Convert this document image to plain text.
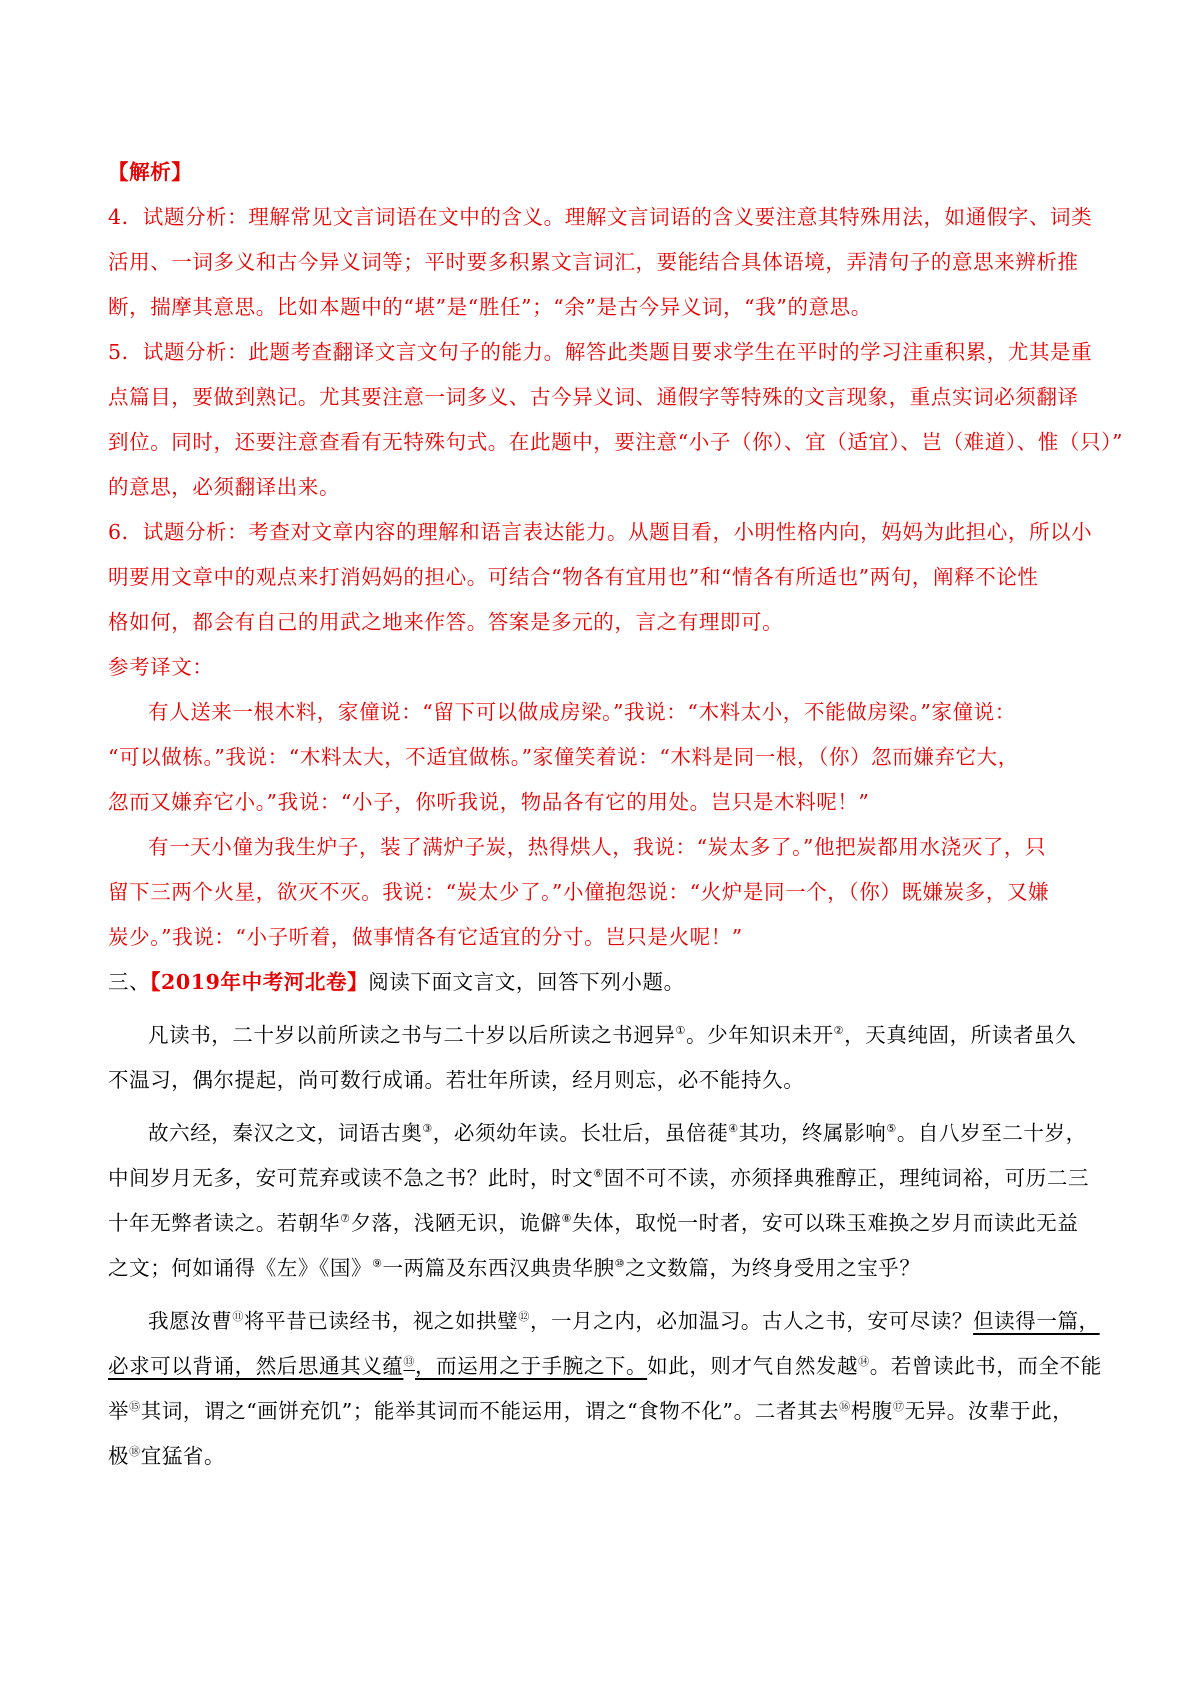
【解析】
4．试题分析：理解常见文言词语在文中的含义。理解文言词语的含义要注意其特殊用法，如通假字、词类
活用、一词多义和古今异义词等；平时要多积累文言词汇，要能结合具体语境，弄清句子的意思来辨析推
断，揣摩其意思。比如本题中的“堪”是“胜任”；“余”是古今异义词，“我”的意思。
5．试题分析：此题考查翻译文言文句子的能力。解答此类题目要求学生在平时的学习注重积累，尤其是重
点篇目，要做到熟记。尤其要注意一词多义、古今异义词、通假字等特殊的文言现象，重点实词必须翻译
到位。同时，还要注意查看有无特殊句式。在此题中，要注意“小子（你）、宜（适宜）、岂（难道）、惟（只）”
的意思，必须翻译出来。
6．试题分析：考查对文章内容的理解和语言表达能力。从题目看，小明性格内向，妈妈为此担心，所以小
明要用文章中的观点来打消妈妈的担心。可结合“物各有宜用也”和“情各有所适也”两句，阐释不论性
格如何，都会有自己的用武之地来作答。答案是多元的，言之有理即可。
参考译文：
有人送来一根木料，家僮说：“留下可以做成房梁。”我说：“木料太小，不能做房梁。”家僮说：
“可以做栋。”我说：“木料太大，不适宜做栋。”家僮笑着说：“木料是同一根，（你）忽而嫌弃它大，
忽而又嫌弃它小。”我说：“小子，你听我说，物品各有它的用处。岂只是木料呢！”
有一天小僮为我生炉子，装了满炉子炭，热得烘人，我说：“炭太多了。”他把炭都用水浇灭了，只
留下三两个火星，欲灭不灭。我说：“炭太少了。”小僮抱怨说：“火炉是同一个，（你）既嫌炭多，又嫌
炭少。”我说：“小子听着，做事情各有它适宜的分寸。岂只是火呢！”
三、【2019年中考河北卷】阅读下面文言文，回答下列小题。
凡读书，二十岁以前所读之书与二十岁以后所读之书迥异①。少年知识未开②，天真纯固，所读者虽久
不温习，偶尔提起，尚可数行成诵。若壮年所读，经月则忘，必不能持久。
故六经，秦汉之文，词语古奥③，必须幼年读。长壮后，虽倍蓰④其功，终属影响⑤。自八岁至二十岁，
中间岁月无多，安可荒弃或读不急之书？此时，时文⑥固不可不读，亦须择典雅醇正，理纯词裕，可历二三
十年无弊者读之。若朝华⑦夕落，浅陋无识，诡僻⑧失体，取悦一时者，安可以珠玉难换之岁月而读此无益
之文；何如诵得《左》《国》⑨一两篇及东西汉典贵华腴⑩之文数篇，为终身受用之宝乎？
我愿汝曹⑪将平昔已读经书，视之如拱璧⑫，一月之内，必加温习。古人之书，安可尽读？但读得一篇，
必求可以背诵，然后思通其义蕴⑬，而运用之于手腕之下。如此，则才气自然发越⑭。若曾读此书，而全不能
举⑮其词，谓之“画饼充饥”；能举其词而不能运用，谓之“食物不化”。二者其去⑯枵腹⑰无异。汝辈于此，
极⑱宜猛省。
